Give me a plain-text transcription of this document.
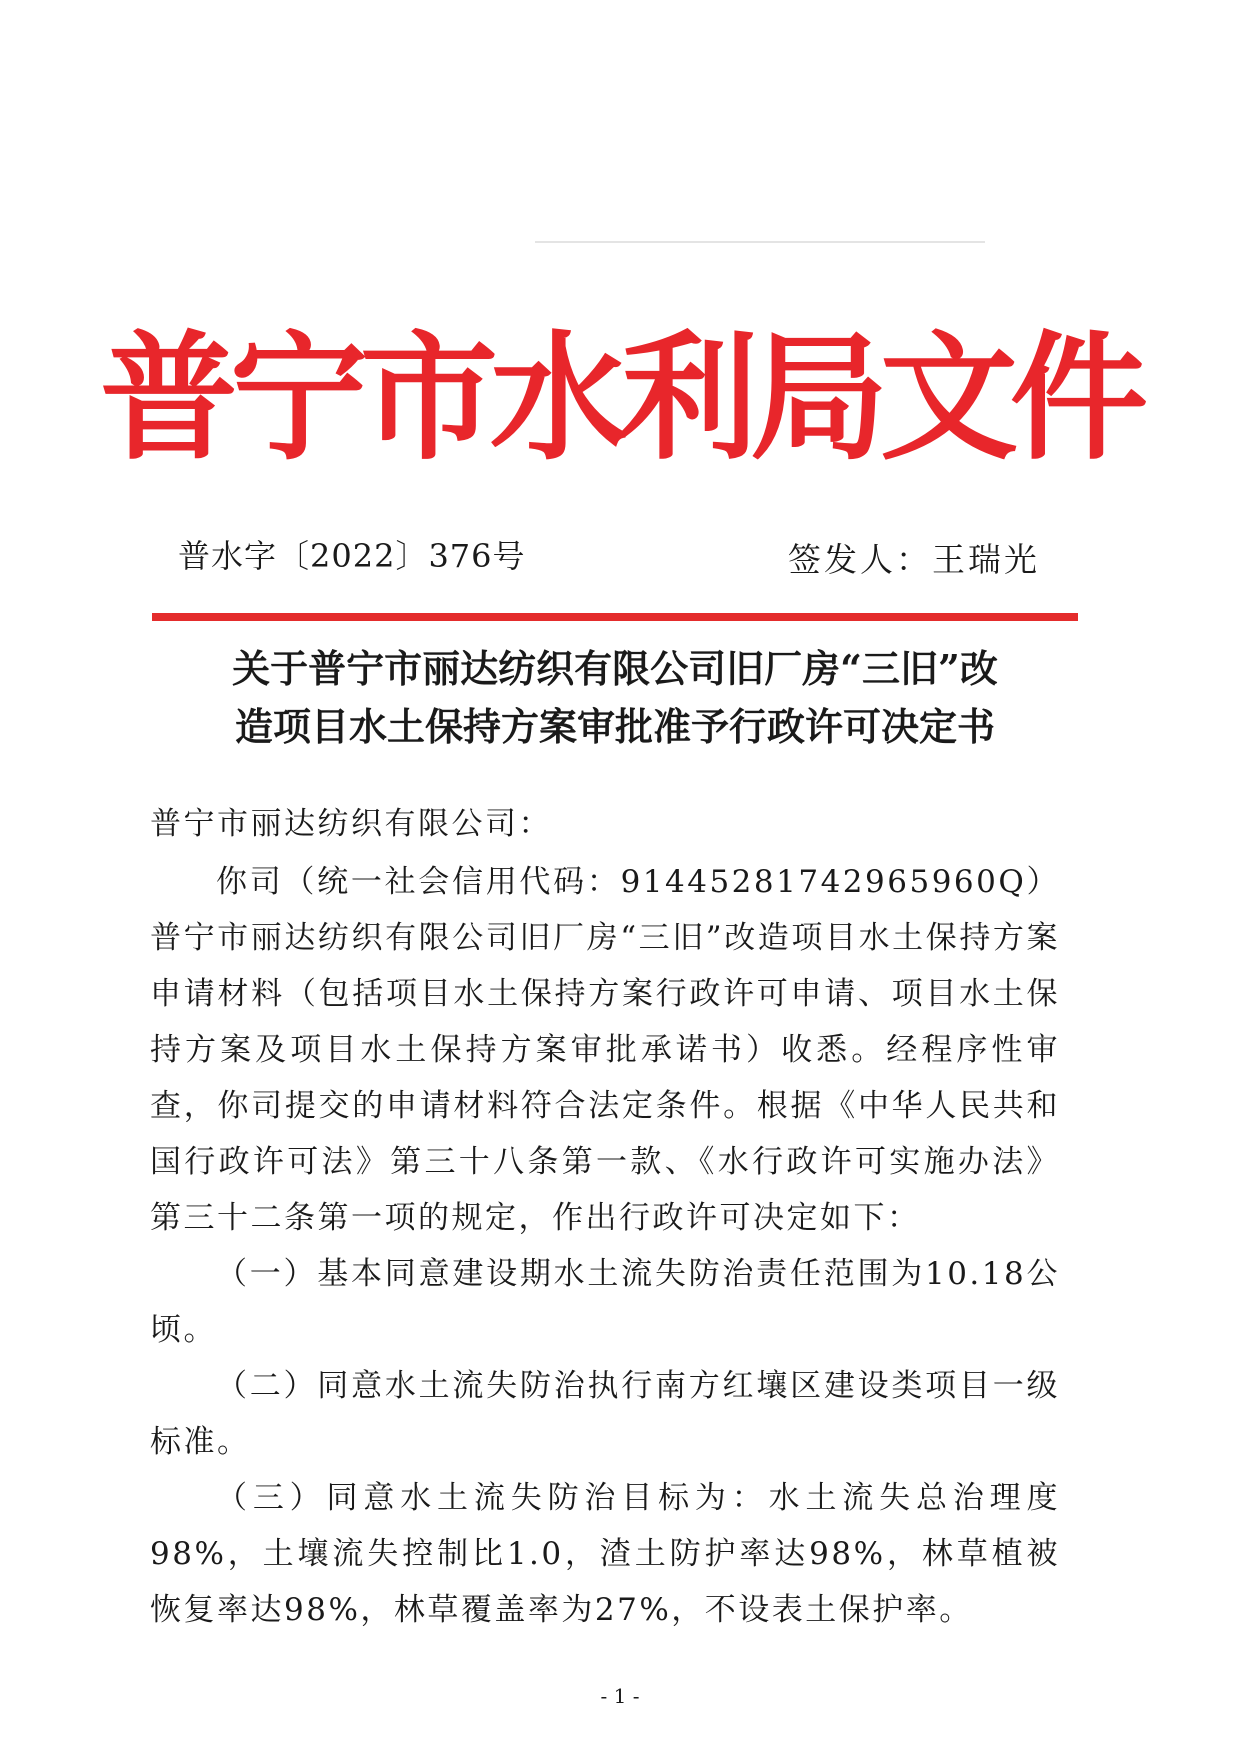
普宁市水利局文件
普水字〔2022〕376号	签发人：王瑞光
关于普宁市丽达纺织有限公司旧厂房“三旧”改
造项目水土保持方案审批准予行政许可决定书

普宁市丽达纺织有限公司：

你司（统一社会信用代码：91445281742965960Q）普宁市丽达纺织有限公司旧厂房“三旧”改造项目水土保持方案申请材料（包括项目水土保持方案行政许可申请、项目水土保持方案及项目水土保持方案审批承诺书）收悉。经程序性审查，你司提交的申请材料符合法定条件。根据《中华人民共和国行政许可法》第三十八条第一款、《水行政许可实施办法》第三十二条第一项的规定，作出行政许可决定如下：

（一）基本同意建设期水土流失防治责任范围为10.18公顷。

（二）同意水土流失防治执行南方红壤区建设类项目一级标准。

（三）同意水土流失防治目标为：水土流失总治理度98%，土壤流失控制比1.0，渣土防护率达98%，林草植被恢复率达98%，林草覆盖率为27%，不设表土保护率。

- 1 -
